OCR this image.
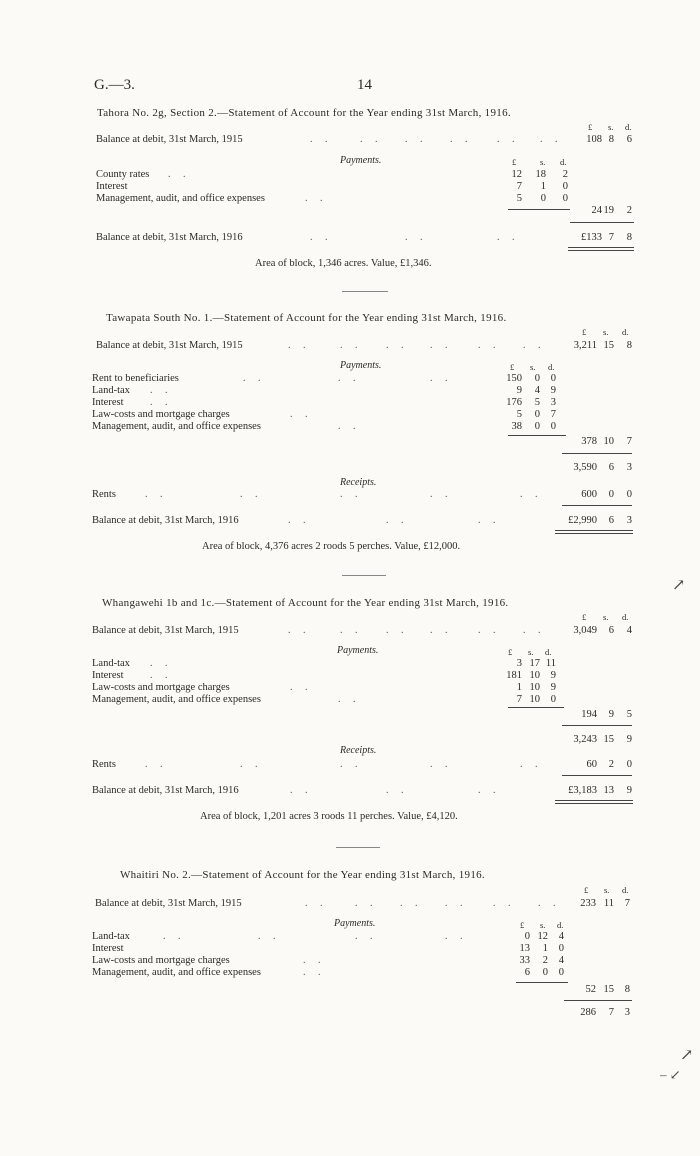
G.—3.	14
Tahora No. 2g, Section 2.—Statement of Account for the Year ending 31st March, 1916.
£ s. d.
Balance at debit, 31st March, 1915	. .	. . . . . . . . . .	108 8	6
Payments.	£	s. d.
County rates . .	12	18	2
Interest	7	1	0
Management, audit, and office expenses	. .	5	0	0
24 19	2
Balance at debit, 31st March, 1916	. .	. .	. .	£133 7	8
Area of block, 1,346 acres. Value, £1,346.
Tawapata South No. 1.—Statement of Account for the Year ending 31st March, 1916.
£ s. d.
Balance at debit, 31st March, 1915	. .	. . . . . .	. . . .	3,211 15	8
Payments.	£ s. d.
Rent to beneficiaries	. .	. .	. .	150	0	0
Land-tax . .	9	4	9
Interest	. .	176	5	3
Law-costs and mortgage charges	. .	5	0	7
Management, audit, and office expenses	. .	38	0	0
378 10	7
3,590	6	3
Receipts.
Rents	. .	. .	. .	. .	. .	600	0	0
Balance at debit, 31st March, 1916	. .	. .	. .	£2,990	6	3
Area of block, 4,376 acres 2 roods 5 perches. Value, £12,000.
Whangawehi 1b and 1c.—Statement of Account for the Year ending 31st March, 1916.
£ s. d.
Balance at debit, 31st March, 1915	. .	. . . . . .	. . . .	3,049	6	4
Payments.	£ s. d.
Land-tax . .	3 17 11
Interest	. .	181 10	9
Law-costs and mortgage charges	. .	1 10	9
Management, audit, and office expenses	. .	7 10	0
194	9	5
3,243 15	9
Receipts.
Rents	. .	. .	. .	. .	. .	60	2	0
Balance at debit, 31st March, 1916	. .	. .	. .	£3,183 13	9
Area of block, 1,201 acres 3 roods 11 perches. Value, £4,120.
Whaitiri No. 2.—Statement of Account for the Year ending 31st March, 1916.
£ s. d.
Balance at debit, 31st March, 1915	. .	. . . . . .	. . . .	233 11	7
Payments.	£ s. d.
Land-tax	. .	. .	. .	. .	0 12	4
Interest	13	1	0
Law-costs and mortgage charges	. .	33	2	4
Management, audit, and office expenses	. .	6	0	0
52 15	8
286	7	3
↗
↗
– ↙
